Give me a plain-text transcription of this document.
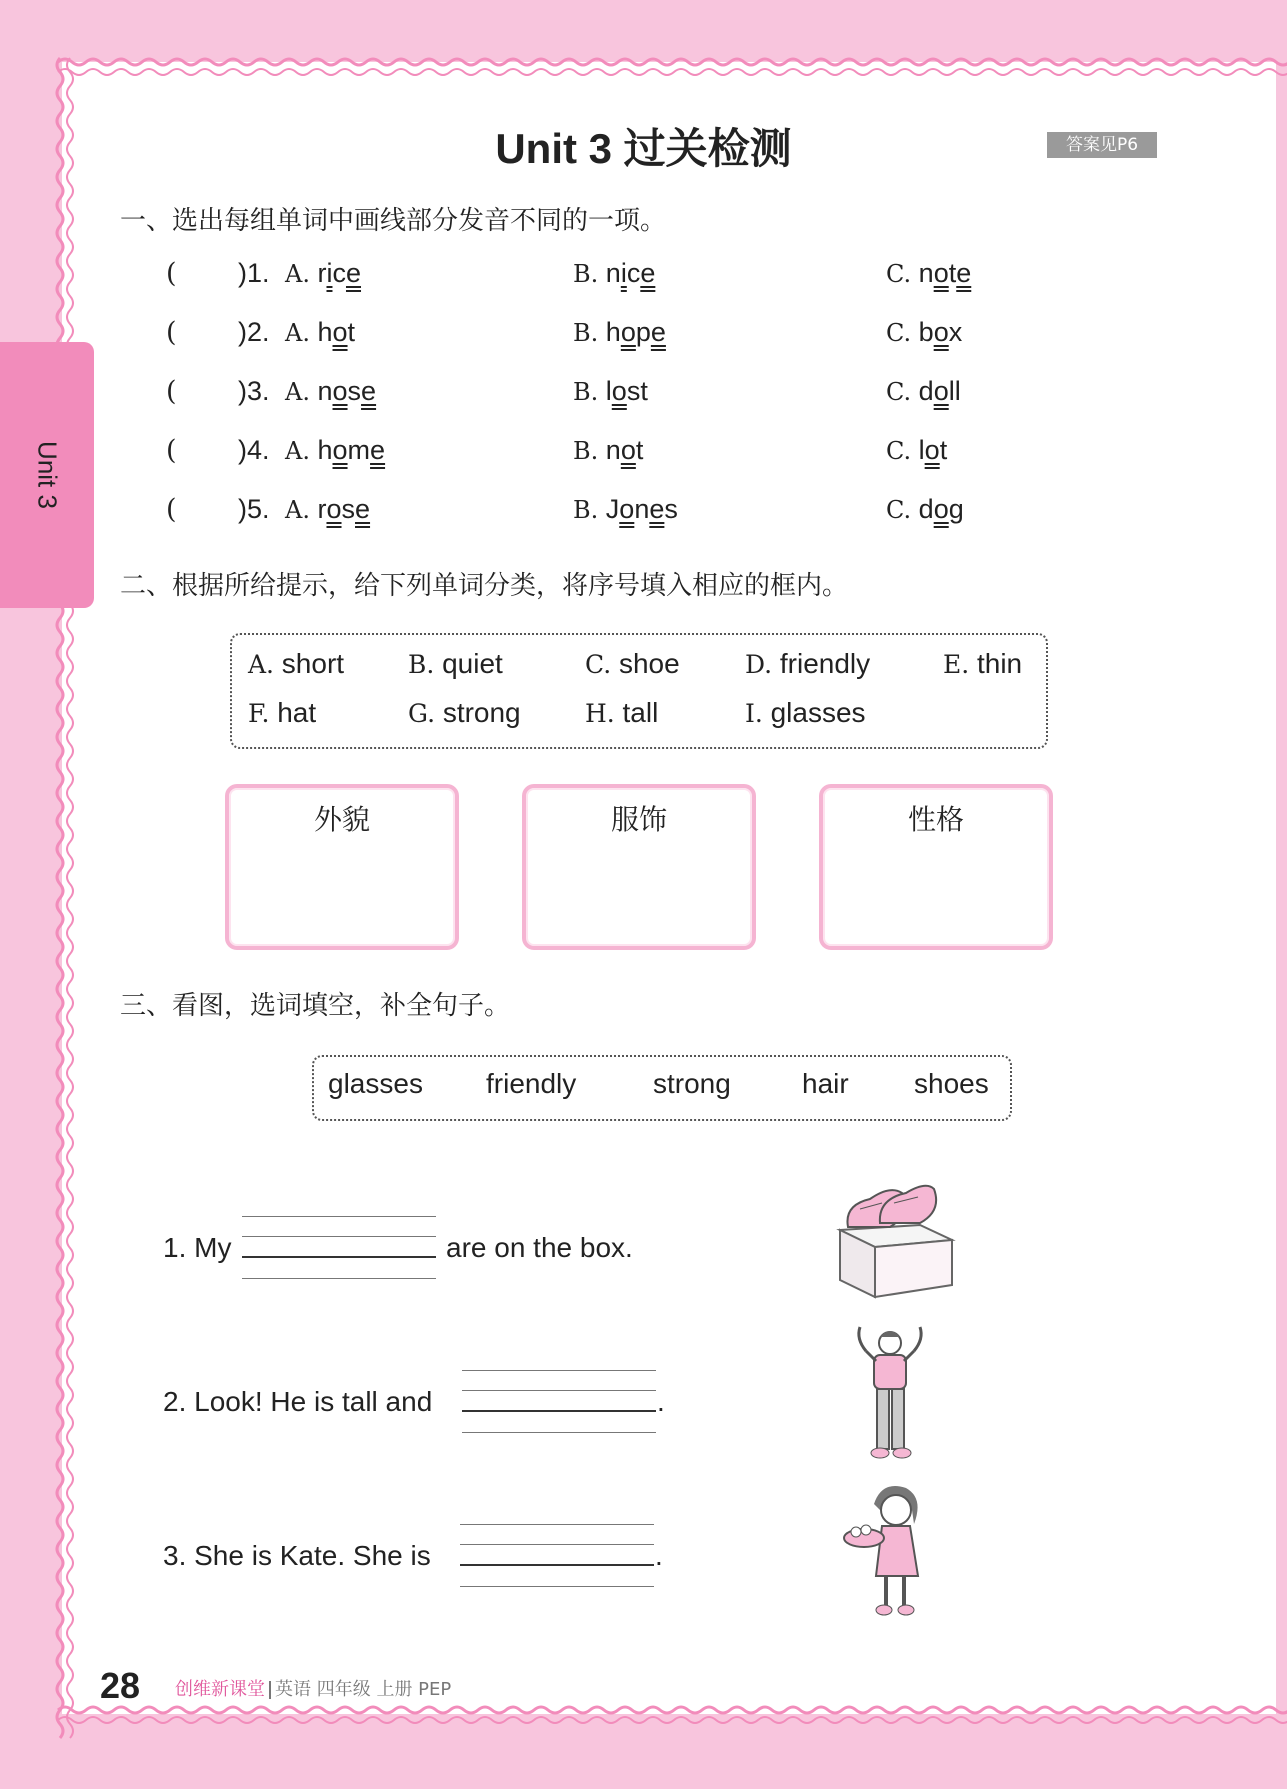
Unit 3
Unit 3 过关检测	答案见P6
一、选出每组单词中画线部分发音不同的一项。
( )1. A. rice	B. nice	C. note
( )2. A. hot	B. hope	C. box
( )3. A. nose	B. lost	C. doll
( )4. A. home	B. not	C. lot
( )5. A. rose	B. Jones	C. dog
二、根据所给提示，给下列单词分类，将序号填入相应的框内。
A. short	B. quiet	C. shoe	D. friendly	E. thin
F. hat	G. strong	H. tall	I. glasses
外貌	服饰	性格
三、看图，选词填空，补全句子。
glasses friendly	strong	hair shoes
1. My	are on the box.
2. Look! He is tall and	.
3. She is Kate. She is	.
28 创维新课堂 英语 四年级 上册 PEP
